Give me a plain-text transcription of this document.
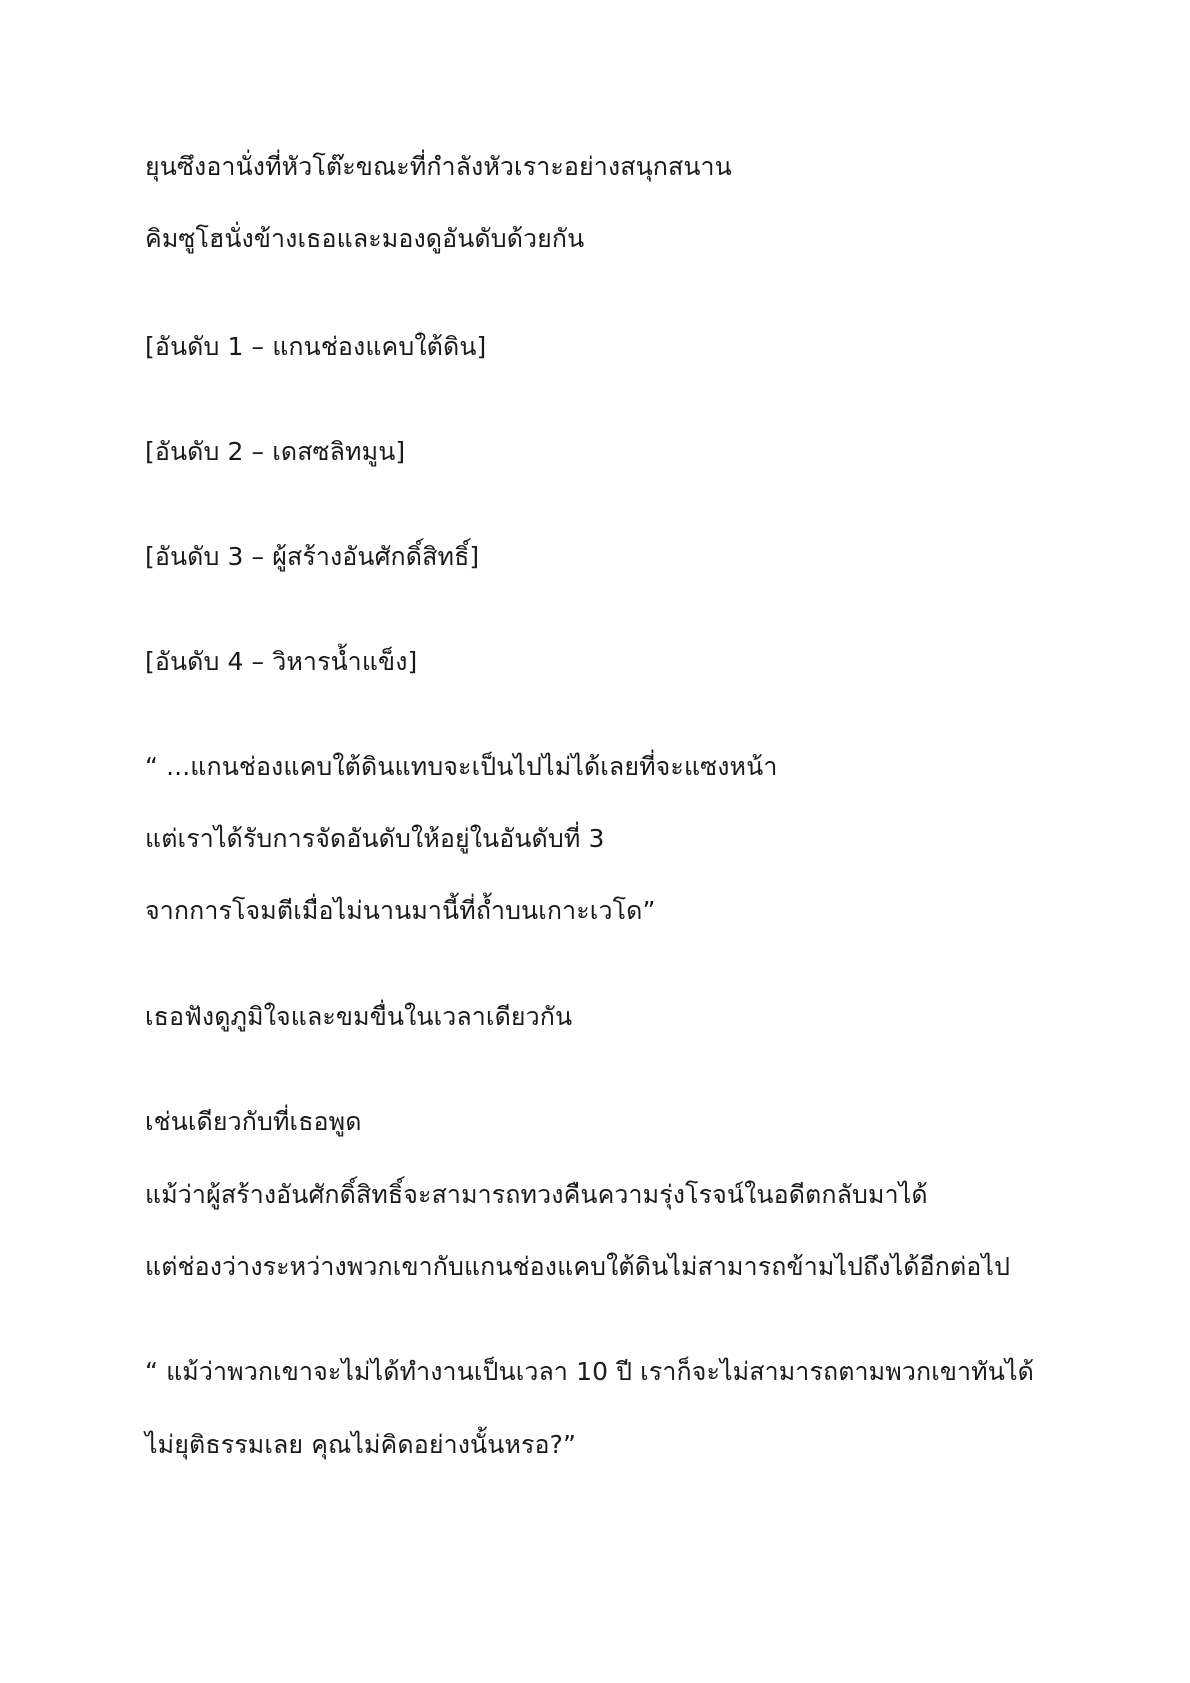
ยุนซึงอานั่งที่หัวโต๊ะขณะที่กำลังหัวเราะอย่างสนุกสนาน

คิมซูโฮนั่งข้างเธอและมองดูอันดับด้วยกัน

[อันดับ 1 – แกนช่องแคบใต้ดิน]

[อันดับ 2 – เดสซลิทมูน]

[อันดับ 3 – ผู้สร้างอันศักดิ์สิทธิ์]

[อันดับ 4 – วิหารน้ำแข็ง]

“ ...แกนช่องแคบใต้ดินแทบจะเป็นไปไม่ได้เลยที่จะแซงหน้า

แต่เราได้รับการจัดอันดับให้อยู่ในอันดับที่ 3

จากการโจมตีเมื่อไม่นานมานี้ที่ถ้ำบนเกาะเวโด”

เธอฟังดูภูมิใจและขมขื่นในเวลาเดียวกัน

เช่นเดียวกับที่เธอพูด

แม้ว่าผู้สร้างอันศักดิ์สิทธิ์จะสามารถทวงคืนความรุ่งโรจน์ในอดีตกลับมาได้

แต่ช่องว่างระหว่างพวกเขากับแกนช่องแคบใต้ดินไม่สามารถข้ามไปถึงได้อีกต่อไป

“ แม้ว่าพวกเขาจะไม่ได้ทำงานเป็นเวลา 10 ปี เราก็จะไม่สามารถตามพวกเขาทันได้

ไม่ยุติธรรมเลย คุณไม่คิดอย่างนั้นหรอ?”
